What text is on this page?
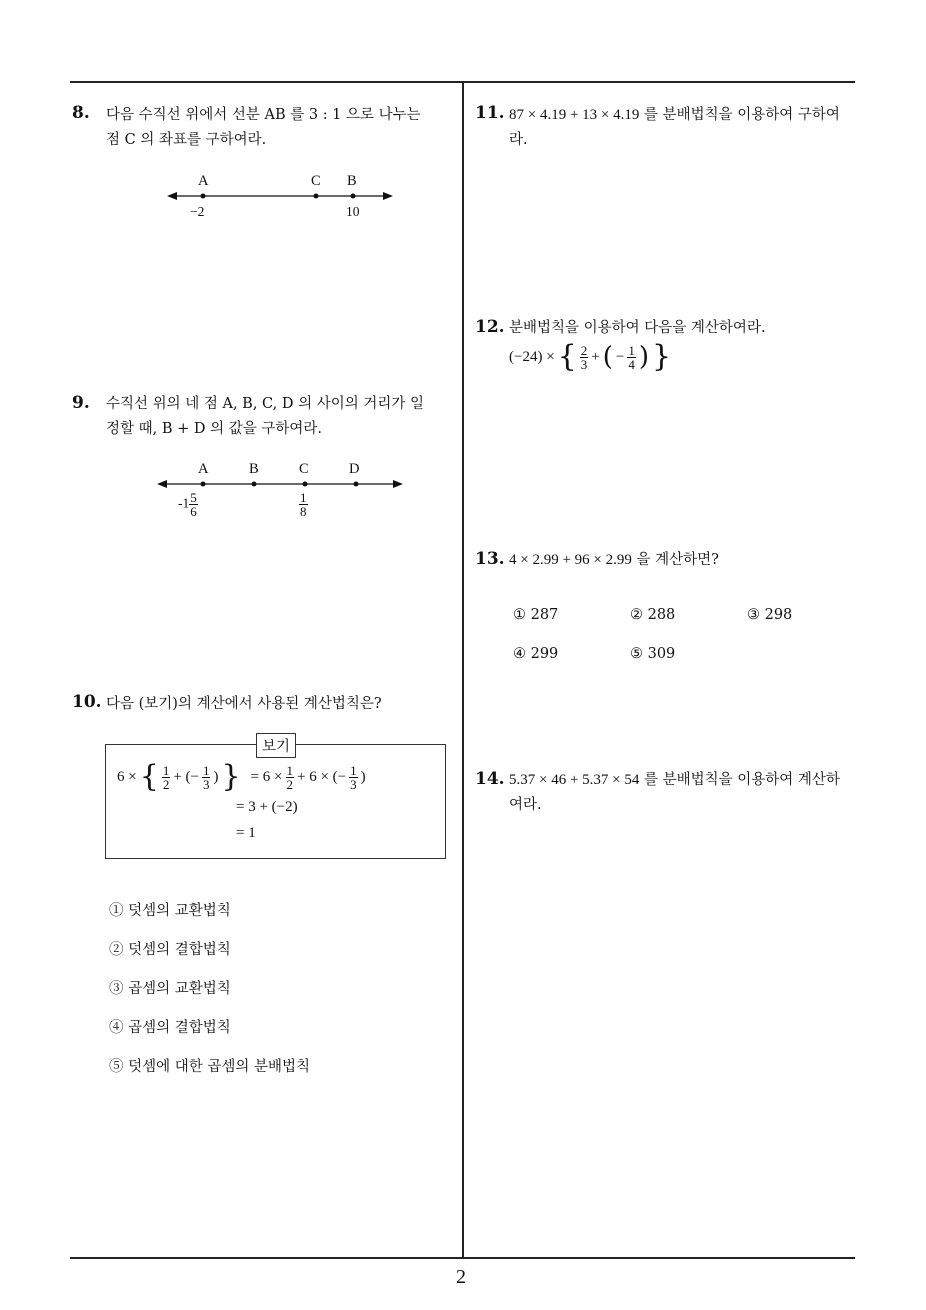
8. 다음 수직선 위에서 선분 AB 를 3 : 1 으로 나누는
점 C 의 좌표를 구하여라.
A	C B
−2	10
9. 수직선 위의 네 점 A, B, C, D 의 사이의 거리가 일
정할 때, B + D 의 값을 구하여라.
A	B	C	D
$-1 \frac{5}{6}$	$\frac{1}{8}$
10. 다음 (보기)의 계산에서 사용된 계산법칙은?
보기
6 × { $\frac{1}{2}$ + (− $\frac{1}{3}$ ) } = $6 \times \frac{1}{2} + 6$ × (− $\frac{1}{3}$ )
= 3 + (−2)
= 1
① 덧셈의 교환법칙
② 덧셈의 결합법칙
③ 곱셈의 교환법칙
④ 곱셈의 결합법칙
⑤ 덧셈에 대한 곱셈의 분배법칙
11. 87 × 4.19 + 13 × 4.19 를 분배법칙을 이용하여 구하여
라.
12. 분배법칙을 이용하여 다음을 계산하여라.
(−24) × { $\frac{2}{3}$ + ( − $\frac{1}{4}$ ) }
13. 4 × 2.99 + 96 × 2.99 을 계산하면?
① 287	② 288	③ 298
④ 299	⑤ 309
14. 5.37 × 46 + 5.37 × 54 를 분배법칙을 이용하여 계산하
여라.
2
